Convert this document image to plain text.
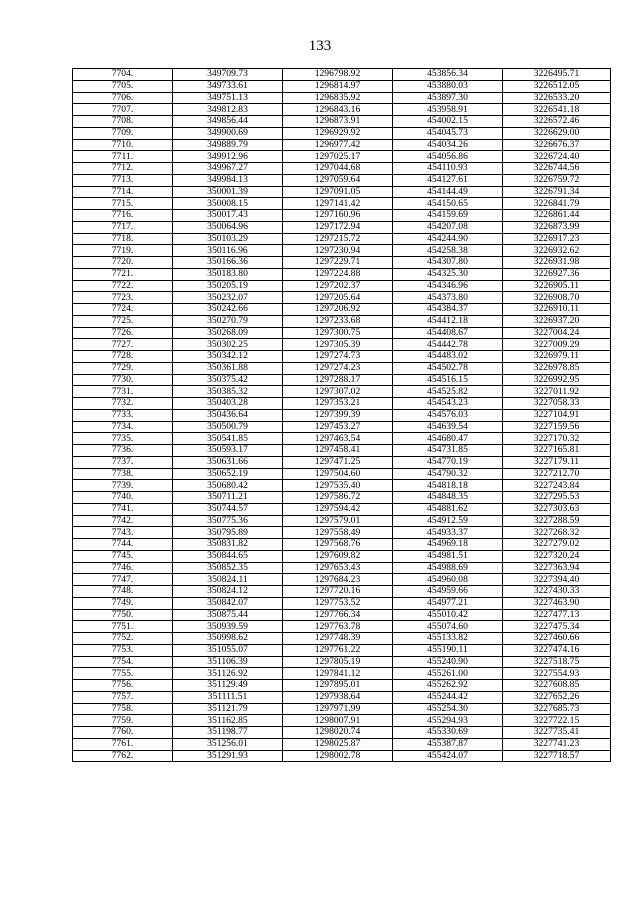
133
7704.	349709.73	1296798.92	453856.34	3226495.71
7705.	349733.61	1296814.97	453880.03	3226512.05
7706.	349751.13	1296835.92	453897.30	3226533.20
7707.	349812.83	1296843.16	453958.91	3226541.18
7708.	349856.44	1296873.91	454002.15	3226572.46
7709.	349900.69	1296929.92	454045.73	3226629.00
7710.	349889.79	1296977.42	454034.26	3226676.37
7711.	349912.96	1297025.17	454056.86	3226724.40
7712.	349967.27	1297044.68	454110.93	3226744.56
7713.	349984.13	1297059.64	454127.61	3226759.72
7714.	350001.39	1297091.05	454144.49	3226791.34
7715.	350008.15	1297141.42	454150.65	3226841.79
7716.	350017.43	1297160.96	454159.69	3226861.44
7717.	350064.96	1297172.94	454207.08	3226873.99
7718.	350103.29	1297215.72	454244.90	3226917.23
7719.	350116.96	1297230.94	454258.38	3226932.62
7720.	350166.36	1297229.71	454307.80	3226931.98
7721.	350183.80	1297224.88	454325.30	3226927.36
7722.	350205.19	1297202.37	454346.96	3226905.11
7723.	350232.07	1297205.64	454373.80	3226908.70
7724.	350242.66	1297206.92	454384.37	3226910.11
7725.	350270.79	1297233.68	454412.18	3226937.20
7726.	350268.09	1297300.75	454408.67	3227004.24
7727.	350302.25	1297305.39	454442.78	3227009.29
7728.	350342.12	1297274.73	454483.02	3226979.11
7729.	350361.88	1297274.23	454502.78	3226978.85
7730.	350375.42	1297288.17	454516.15	3226992.95
7731.	350385.32	1297307.02	454525.82	3227011.92
7732.	350403.28	1297353.21	454543.23	3227058.33
7733.	350436.64	1297399.39	454576.03	3227104.91
7734.	350500.79	1297453.27	454639.54	3227159.56
7735.	350541.85	1297463.54	454680.47	3227170.32
7736.	350593.17	1297458.41	454731.85	3227165.81
7737.	350631.66	1297471.25	454770.19	3227179.11
7738.	350652.19	1297504.60	454790.32	3227212.70
7739.	350680.42	1297535.40	454818.18	3227243.84
7740.	350711.21	1297586.72	454848.35	3227295.53
7741.	350744.57	1297594.42	454881.62	3227303.63
7742.	350775.36	1297579.01	454912.59	3227288.59
7743.	350795.89	1297558.49	454933.37	3227268.32
7744.	350831.82	1297568.76	454969.18	3227279.02
7745.	350844.65	1297609.82	454981.51	3227320.24
7746.	350852.35	1297653.43	454988.69	3227363.94
7747.	350824.11	1297684.23	454960.08	3227394.40
7748.	350824.12	1297720.16	454959.66	3227430.33
7749.	350842.07	1297753.52	454977.21	3227463.90
7750.	350875.44	1297766.34	455010.42	3227477.13
7751.	350939.59	1297763.78	455074.60	3227475.34
7752.	350998.62	1297748.39	455133.82	3227460.66
7753.	351055.07	1297761.22	455190.11	3227474.16
7754.	351106.39	1297805.19	455240.90	3227518.75
7755.	351126.92	1297841.12	455261.00	3227554.93
7756.	351129.49	1297895.01	455262.92	3227608.85
7757.	351111.51	1297938.64	455244.42	3227652.26
7758.	351121.79	1297971.99	455254.30	3227685.73
7759.	351162.85	1298007.91	455294.93	3227722.15
7760.	351198.77	1298020.74	455330.69	3227735.41
7761.	351256.01	1298025.87	455387.87	3227741.23
7762.	351291.93	1298002.78	455424.07	3227718.57
